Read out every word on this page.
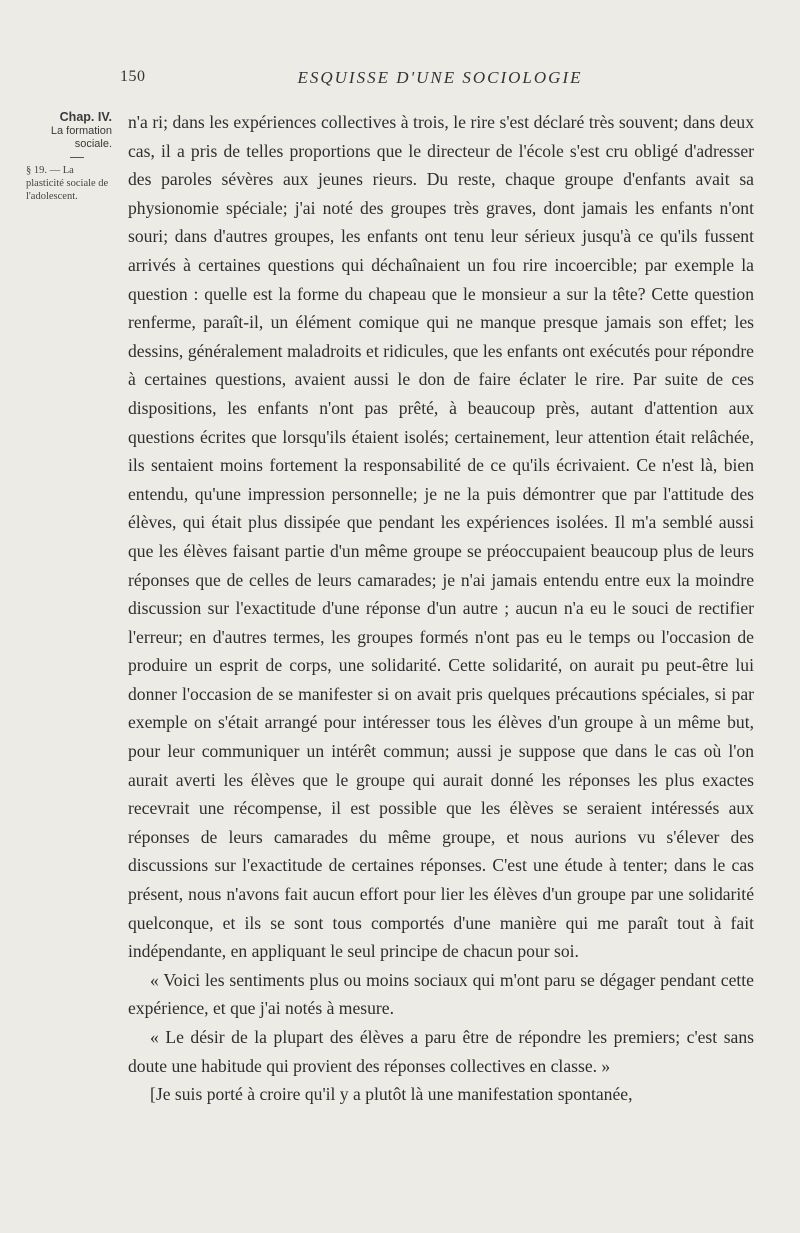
150	ESQUISSE D'UNE SOCIOLOGIE
Chap. IV.
La formation sociale.
§ 19. — La plasticité sociale de l'adolescent.

n'a ri; dans les expériences collectives à trois, le rire s'est déclaré très souvent; dans deux cas, il a pris de telles proportions que le directeur de l'école s'est cru obligé d'adresser des paroles sévères aux jeunes rieurs. Du reste, chaque groupe d'enfants avait sa physionomie spéciale; j'ai noté des groupes très graves, dont jamais les enfants n'ont souri; dans d'autres groupes, les enfants ont tenu leur sérieux jusqu'à ce qu'ils fussent arrivés à certaines questions qui déchaînaient un fou rire incoercible; par exemple la question : quelle est la forme du chapeau que le monsieur a sur la tête? Cette question renferme, paraît-il, un élément comique qui ne manque presque jamais son effet; les dessins, généralement maladroits et ridicules, que les enfants ont exécutés pour répondre à certaines questions, avaient aussi le don de faire éclater le rire. Par suite de ces dispositions, les enfants n'ont pas prêté, à beaucoup près, autant d'attention aux questions écrites que lorsqu'ils étaient isolés; certainement, leur attention était relâchée, ils sentaient moins fortement la responsabilité de ce qu'ils écrivaient. Ce n'est là, bien entendu, qu'une impression personnelle; je ne la puis démontrer que par l'attitude des élèves, qui était plus dissipée que pendant les expériences isolées. Il m'a semblé aussi que les élèves faisant partie d'un même groupe se préoccupaient beaucoup plus de leurs réponses que de celles de leurs camarades; je n'ai jamais entendu entre eux la moindre discussion sur l'exactitude d'une réponse d'un autre ; aucun n'a eu le souci de rectifier l'erreur; en d'autres termes, les groupes formés n'ont pas eu le temps ou l'occasion de produire un esprit de corps, une solidarité. Cette solidarité, on aurait pu peut-être lui donner l'occasion de se manifester si on avait pris quelques précautions spéciales, si par exemple on s'était arrangé pour intéresser tous les élèves d'un groupe à un même but, pour leur communiquer un intérêt commun; aussi je suppose que dans le cas où l'on aurait averti les élèves que le groupe qui aurait donné les réponses les plus exactes recevrait une récompense, il est possible que les élèves se seraient intéressés aux réponses de leurs camarades du même groupe, et nous aurions vu s'élever des discussions sur l'exactitude de certaines réponses. C'est une étude à tenter; dans le cas présent, nous n'avons fait aucun effort pour lier les élèves d'un groupe par une solidarité quelconque, et ils se sont tous comportés d'une manière qui me paraît tout à fait indépendante, en appliquant le seul principe de chacun pour soi.

« Voici les sentiments plus ou moins sociaux qui m'ont paru se dégager pendant cette expérience, et que j'ai notés à mesure.

« Le désir de la plupart des élèves a paru être de répondre les premiers; c'est sans doute une habitude qui provient des réponses collectives en classe. »

[Je suis porté à croire qu'il y a plutôt là une manifestation spontanée,
